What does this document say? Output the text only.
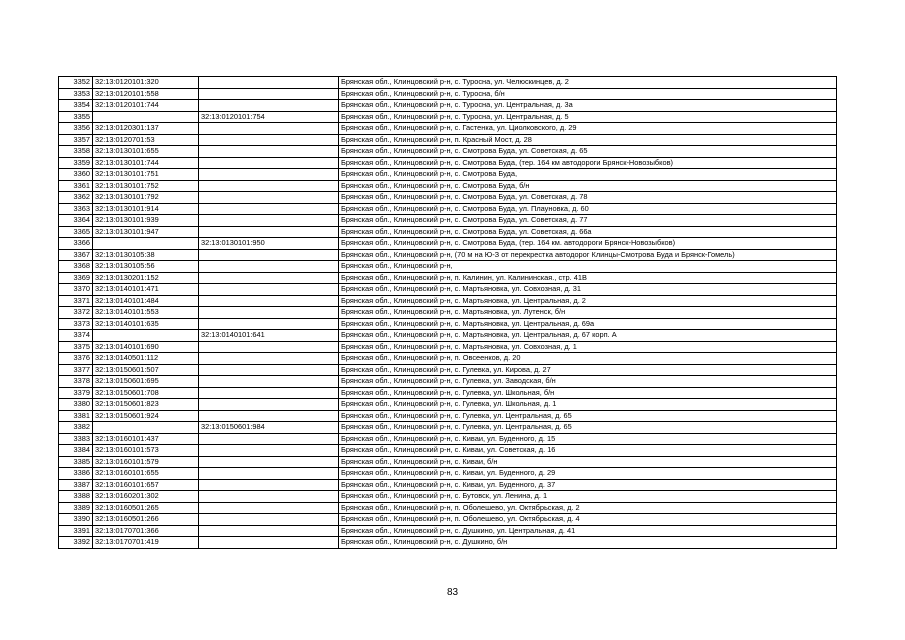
3352	32:13:0120101:320		Брянская обл., Клинцовский р-н, с. Туросна, ул. Челюскинцев, д. 2
3353	32:13:0120101:558		Брянская обл., Клинцовский р-н, с. Туросна, б/н
3354	32:13:0120101:744		Брянская обл., Клинцовский р-н, с. Туросна, ул. Центральная, д. 3а
3355		32:13:0120101:754	Брянская обл., Клинцовский р-н, с. Туросна, ул. Центральная, д. 5
3356	32:13:0120301:137		Брянская обл., Клинцовский р-н, с. Гастенка, ул. Циолковского, д. 29
3357	32:13:0120701:53		Брянская обл., Клинцовский р-н, п. Красный Мост, д. 28
3358	32:13:0130101:655		Брянская обл., Клинцовский р-н, с. Смотрова Буда, ул. Советская, д. 65
3359	32:13:0130101:744		Брянская обл., Клинцовский р-н, с. Смотрова Буда, (тер. 164 км автодороги Брянск-Новозыбков)
3360	32:13:0130101:751		Брянская обл., Клинцовский р-н, с. Смотрова Буда,
3361	32:13:0130101:752		Брянская обл., Клинцовский р-н, с. Смотрова Буда, б/н
3362	32:13:0130101:792		Брянская обл., Клинцовский р-н, с. Смотрова Буда, ул. Советская, д. 78
3363	32:13:0130101:914		Брянская обл., Клинцовский р-н, с. Смотрова Буда, ул. Плауновка, д. 60
3364	32:13:0130101:939		Брянская обл., Клинцовский р-н, с. Смотрова Буда, ул. Советская, д. 77
3365	32:13:0130101:947		Брянская обл., Клинцовский р-н, с. Смотрова Буда, ул. Советская, д. 66а
3366		32:13:0130101:950	Брянская обл., Клинцовский р-н, с. Смотрова Буда, (тер. 164 км. автодороги Брянск-Новозыбков)
3367	32:13:0130105:38		Брянская обл., Клинцовский р-н, (70 м на Ю-З от перекрестка автодорог Клинцы-Смотрова Буда и Брянск-Гомель)
3368	32:13:0130105:56		Брянская обл., Клинцовский р-н,
3369	32:13:0130201:152		Брянская обл., Клинцовский р-н, п. Калинин, ул. Калининская., стр. 41В
3370	32:13:0140101:471		Брянская обл., Клинцовский р-н, с. Мартьяновка, ул. Совхозная, д. 31
3371	32:13:0140101:484		Брянская обл., Клинцовский р-н, с. Мартьяновка, ул. Центральная, д. 2
3372	32:13:0140101:553		Брянская обл., Клинцовский р-н, с. Мартьяновка, ул. Лутенск, б/н
3373	32:13:0140101:635		Брянская обл., Клинцовский р-н, с. Мартьяновка, ул. Центральная, д. 69а
3374		32:13:0140101:641	Брянская обл., Клинцовский р-н, с. Мартьяновка, ул. Центральная, д. 67 корп. А
3375	32:13:0140101:690		Брянская обл., Клинцовский р-н, с. Мартьяновка, ул. Совхозная, д. 1
3376	32:13:0140501:112		Брянская обл., Клинцовский р-н, п. Овсеенков, д. 20
3377	32:13:0150601:507		Брянская обл., Клинцовский р-н, с. Гулевка, ул. Кирова, д. 27
3378	32:13:0150601:695		Брянская обл., Клинцовский р-н, с. Гулевка, ул. Заводская, б/н
3379	32:13:0150601:708		Брянская обл., Клинцовский р-н, с. Гулевка, ул. Школьная, б/н
3380	32:13:0150601:823		Брянская обл., Клинцовский р-н, с. Гулевка, ул. Школьная, д. 1
3381	32:13:0150601:924		Брянская обл., Клинцовский р-н, с. Гулевка, ул. Центральная, д. 65
3382		32:13:0150601:984	Брянская обл., Клинцовский р-н, с. Гулевка, ул. Центральная, д. 65
3383	32:13:0160101:437		Брянская обл., Клинцовский р-н, с. Киваи, ул. Буденного, д. 15
3384	32:13:0160101:573		Брянская обл., Клинцовский р-н, с. Киваи, ул. Советская, д. 16
3385	32:13:0160101:579		Брянская обл., Клинцовский р-н, с. Киваи, б/н
3386	32:13:0160101:655		Брянская обл., Клинцовский р-н, с. Киваи, ул. Буденного, д. 29
3387	32:13:0160101:657		Брянская обл., Клинцовский р-н, с. Киваи, ул. Буденного, д. 37
3388	32:13:0160201:302		Брянская обл., Клинцовский р-н, с. Бутовск, ул. Ленина, д. 1
3389	32:13:0160501:265		Брянская обл., Клинцовский р-н, п. Оболешево, ул. Октябрьская, д. 2
3390	32:13:0160501:266		Брянская обл., Клинцовский р-н, п. Оболешево, ул. Октябрьская, д. 4
3391	32:13:0170701:366		Брянская обл., Клинцовский р-н, с. Душкино, ул. Центральная, д. 41
3392	32:13:0170701:419		Брянская обл., Клинцовский р-н, с. Душкино, б/н
83
